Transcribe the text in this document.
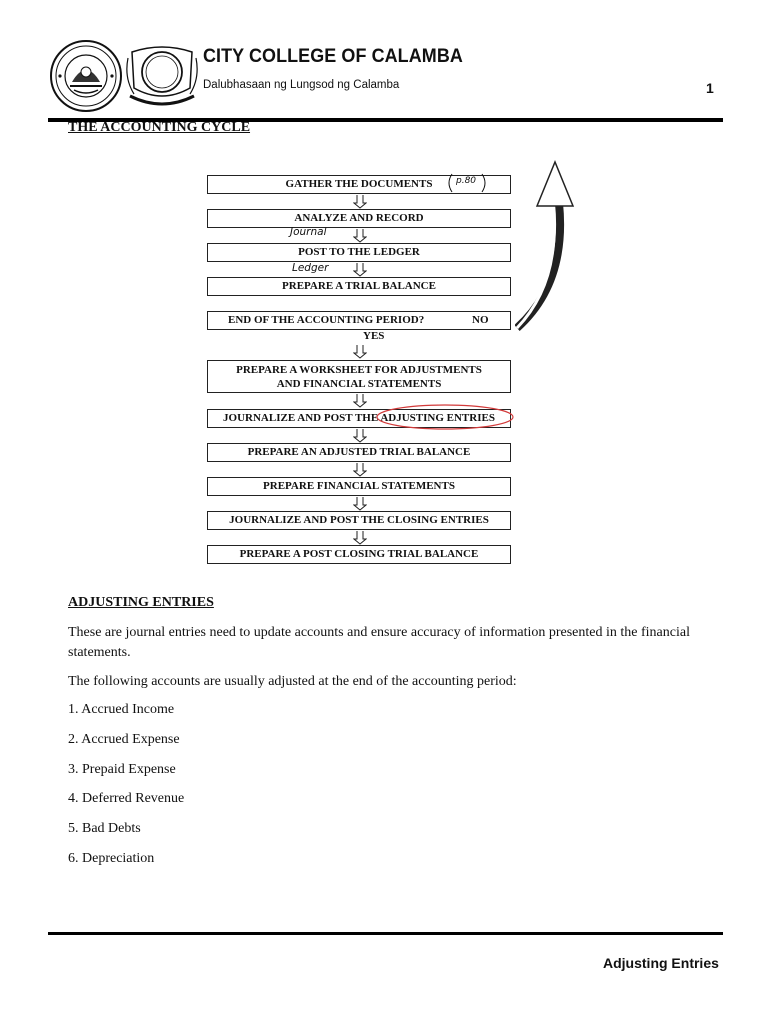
CITY COLLEGE OF CALAMBA
Dalubhasaan ng Lungsod ng Calamba	1
THE ACCOUNTING CYCLE
GATHER THE DOCUMENTS	p.80
ANALYZE AND RECORD
Journal
POST TO THE LEDGER
Ledger
PREPARE A TRIAL BALANCE
END OF THE ACCOUNTING PERIOD?	NO
YES
PREPARE A WORKSHEET FOR ADJUSTMENTS
AND FINANCIAL STATEMENTS
JOURNALIZE AND POST THE ADJUSTING ENTRIES
PREPARE AN ADJUSTED TRIAL BALANCE
PREPARE FINANCIAL STATEMENTS
JOURNALIZE AND POST THE CLOSING ENTRIES
PREPARE A POST CLOSING TRIAL BALANCE
ADJUSTING ENTRIES
These are journal entries need to update accounts and ensure accuracy of information presented in the financial statements.
The following accounts are usually adjusted at the end of the accounting period:
1. Accrued Income
2. Accrued Expense
3. Prepaid Expense
4. Deferred Revenue
5. Bad Debts
6. Depreciation
Adjusting Entries
